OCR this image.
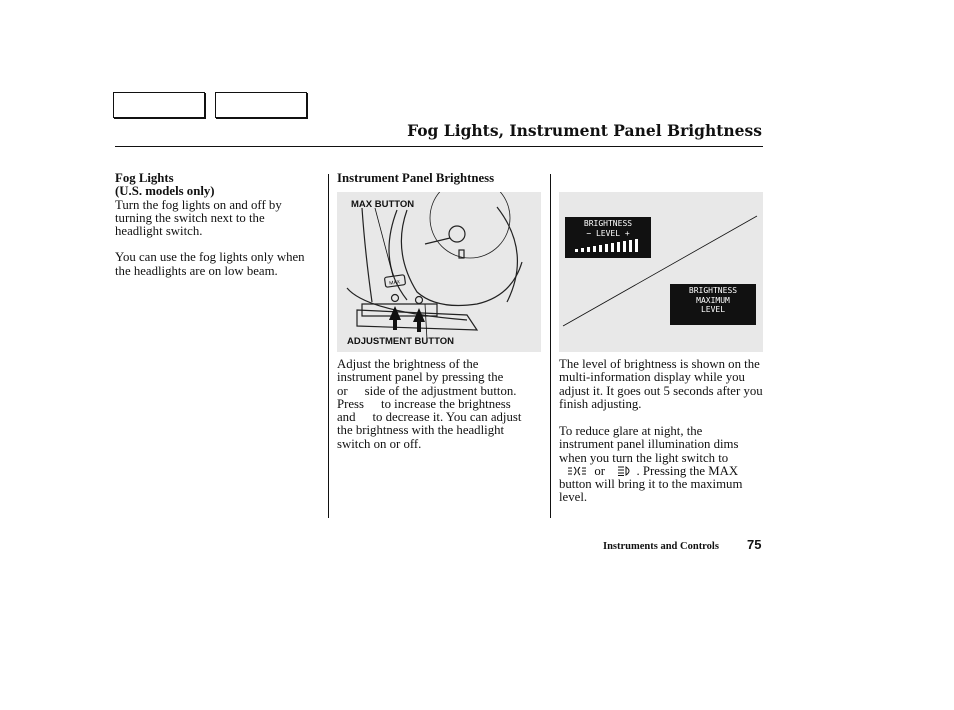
Fog Lights, Instrument Panel Brightness
Fog Lights
(U.S. models only)

Turn the fog lights on and off by turning the switch next to the headlight switch.

You can use the fog lights only when the headlights are on low beam.

Instrument Panel Brightness
MAX
MAX BUTTON
ADJUSTMENT BUTTON
BRIGHTNESS
− LEVEL +
BRIGHTNESS
MAXIMUM
LEVEL
Adjust the brightness of the
instrument panel by pressing the
or side of the adjustment button.
Press to increase the brightness
and to decrease it. You can adjust
the brightness with the headlight
switch on or off.
The level of brightness is shown on the multi-information display while you adjust it. It goes out 5 seconds after you finish adjusting.
To reduce glare at night, the
instrument panel illumination dims
when you turn the light switch to
or . Pressing the MAX
button will bring it to the maximum
level.
Instruments and Controls 75
